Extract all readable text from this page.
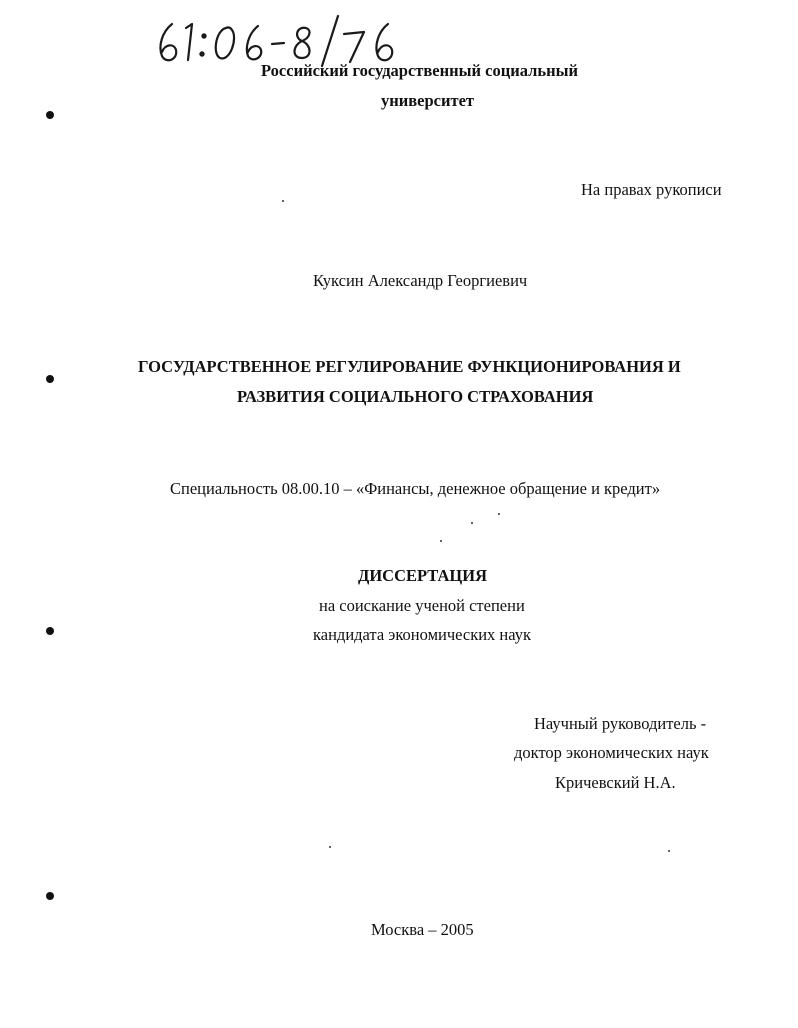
Российский государственный социальный
университет
На правах рукописи
Куксин Александр Георгиевич
ГОСУДАРСТВЕННОЕ РЕГУЛИРОВАНИЕ ФУНКЦИОНИРОВАНИЯ И
РАЗВИТИЯ СОЦИАЛЬНОГО СТРАХОВАНИЯ
Специальность 08.00.10 – «Финансы, денежное обращение и кредит»
ДИССЕРТАЦИЯ
на соискание ученой степени
кандидата экономических наук
Научный руководитель -
доктор экономических наук
Кричевский Н.А.
Москва – 2005
